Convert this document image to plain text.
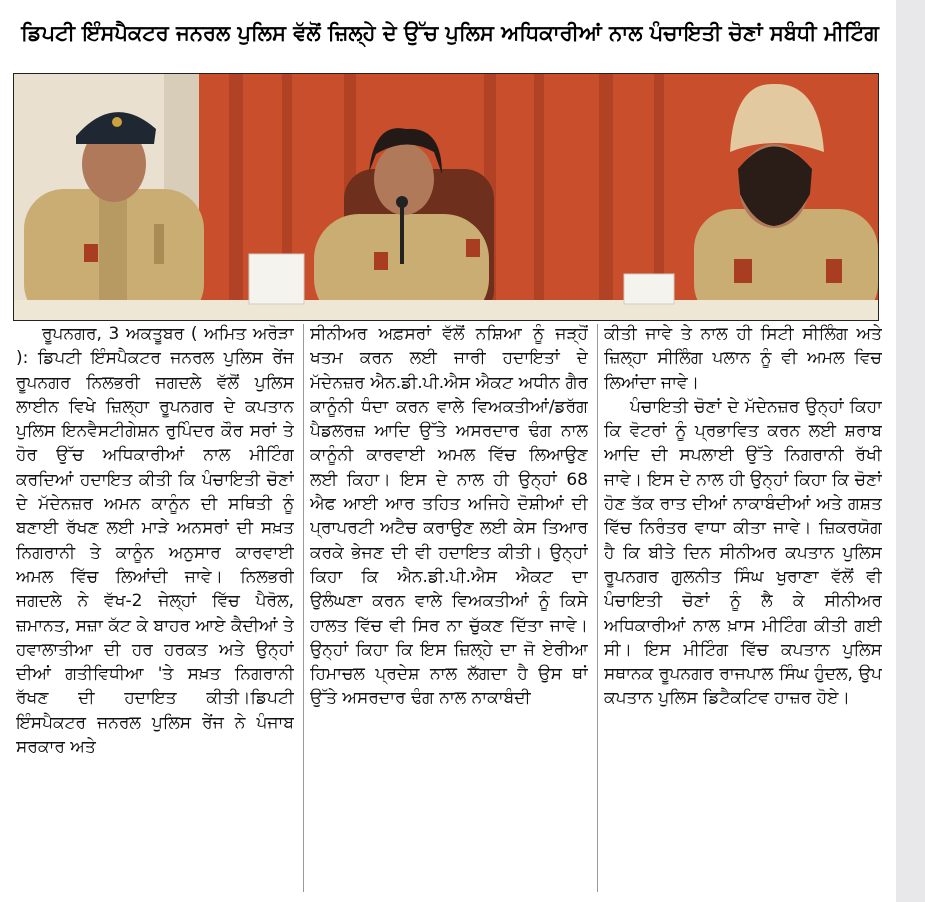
ਡਿਪਟੀ ਇੰਸਪੈਕਟਰ ਜਨਰਲ ਪੁਲਿਸ ਵੱਲੋਂ ਜ਼ਿਲ੍ਹੇ ਦੇ ਉੱਚ ਪੁਲਿਸ ਅਧਿਕਾਰੀਆਂ ਨਾਲ ਪੰਚਾਇਤੀ ਚੋਣਾਂ ਸਬੰਧੀ ਮੀਟਿੰਗ

ਰੂਪਨਗਰ, 3 ਅਕਤੂਬਰ ( ਅਮਿਤ ਅਰੋੜਾ ): ਡਿਪਟੀ ਇੰਸਪੈਕਟਰ ਜਨਰਲ ਪੁਲਿਸ ਰੇਂਜ ਰੂਪਨਗਰ ਨਿਲਭਰੀ ਜਗਦਲੇ ਵੱਲੋਂ ਪੁਲਿਸ ਲਾਈਨ ਵਿਖੇ ਜ਼ਿਲ੍ਹਾ ਰੂਪਨਗਰ ਦੇ ਕਪਤਾਨ ਪੁਲਿਸ ਇਨਵੈਸਟੀਗੇਸ਼ਨ ਰੁਪਿੰਦਰ ਕੌਰ ਸਰਾਂ ਤੇ ਹੋਰ ਉੱਚ ਅਧਿਕਾਰੀਆਂ ਨਾਲ ਮੀਟਿੰਗ ਕਰਦਿਆਂ ਹਦਾਇਤ ਕੀਤੀ ਕਿ ਪੰਚਾਇਤੀ ਚੋਣਾਂ ਦੇ ਮੱਦੇਨਜ਼ਰ ਅਮਨ ਕਾਨੂੰਨ ਦੀ ਸਥਿਤੀ ਨੂੰ ਬਣਾਈ ਰੱਖਣ ਲਈ ਮਾੜੇ ਅਨਸਰਾਂ ਦੀ ਸਖ਼ਤ ਨਿਗਰਾਨੀ ਤੇ ਕਾਨੂੰਨ ਅਨੁਸਾਰ ਕਾਰਵਾਈ ਅਮਲ ਵਿੱਚ ਲਿਆਂਦੀ ਜਾਵੇ। ਨਿਲਭਰੀ ਜਗਦਲੇ ਨੇ ਵੱਖ-2 ਜੇਲ੍ਹਾਂ ਵਿੱਚ ਪੈਰੋਲ, ਜ਼ਮਾਨਤ, ਸਜ਼ਾ ਕੱਟ ਕੇ ਬਾਹਰ ਆਏ ਕੈਦੀਆਂ ਤੇ ਹਵਾਲਾਤੀਆ ਦੀ ਹਰ ਹਰਕਤ ਅਤੇ ਉਨ੍ਹਾਂ ਦੀਆਂ ਗਤੀਵਿਧੀਆ 'ਤੇ ਸਖ਼ਤ ਨਿਗਰਾਨੀ ਰੱਖਣ ਦੀ ਹਦਾਇਤ ਕੀਤੀ।ਡਿਪਟੀ ਇੰਸਪੈਕਟਰ ਜਨਰਲ ਪੁਲਿਸ ਰੇਂਜ ਨੇ ਪੰਜਾਬ ਸਰਕਾਰ ਅਤੇ

ਸੀਨੀਅਰ ਅਫ਼ਸਰਾਂ ਵੱਲੋਂ ਨਸ਼ਿਆ ਨੂੰ ਜੜ੍ਹੋਂ ਖਤਮ ਕਰਨ ਲਈ ਜਾਰੀ ਹਦਾਇਤਾਂ ਦੇ ਮੱਦੇਨਜ਼ਰ ਐਨ.ਡੀ.ਪੀ.ਐਸ ਐਕਟ ਅਧੀਨ ਗੈਰ ਕਾਨੂੰਨੀ ਧੰਦਾ ਕਰਨ ਵਾਲੇ ਵਿਅਕਤੀਆਂ/ਡਰੱਗ ਪੈਡਲਰਜ਼ ਆਦਿ ਉੱਤੇ ਅਸਰਦਾਰ ਢੰਗ ਨਾਲ ਕਾਨੂੰਨੀ ਕਾਰਵਾਈ ਅਮਲ ਵਿੱਚ ਲਿਆਉਣ ਲਈ ਕਿਹਾ। ਇਸ ਦੇ ਨਾਲ ਹੀ ਉਨ੍ਹਾਂ 68 ਐਫ ਆਈ ਆਰ ਤਹਿਤ ਅਜਿਹੇ ਦੋਸ਼ੀਆਂ ਦੀ ਪ੍ਰਾਪਰਟੀ ਅਟੈਚ ਕਰਾਉਣ ਲਈ ਕੇਸ ਤਿਆਰ ਕਰਕੇ ਭੇਜਣ ਦੀ ਵੀ ਹਦਾਇਤ ਕੀਤੀ। ਉਨ੍ਹਾਂ ਕਿਹਾ ਕਿ ਐਨ.ਡੀ.ਪੀ.ਐਸ ਐਕਟ ਦਾ ਉਲੰਘਣਾ ਕਰਨ ਵਾਲੇ ਵਿਅਕਤੀਆਂ ਨੂੰ ਕਿਸੇ ਹਾਲਤ ਵਿੱਚ ਵੀ ਸਿਰ ਨਾ ਚੁੱਕਣ ਦਿੱਤਾ ਜਾਵੇ। ਉਨ੍ਹਾਂ ਕਿਹਾ ਕਿ ਇਸ ਜ਼ਿਲ੍ਹੇ ਦਾ ਜੋ ਏਰੀਆ ਹਿਮਾਚਲ ਪ੍ਰਦੇਸ਼ ਨਾਲ ਲੱਗਦਾ ਹੈ ਉਸ ਥਾਂ ਉੱਤੇ ਅਸਰਦਾਰ ਢੰਗ ਨਾਲ ਨਾਕਾਬੰਦੀ

ਕੀਤੀ ਜਾਵੇ ਤੇ ਨਾਲ ਹੀ ਸਿਟੀ ਸੀਲਿੰਗ ਅਤੇ ਜ਼ਿਲ੍ਹਾ ਸੀਲਿੰਗ ਪਲਾਨ ਨੂੰ ਵੀ ਅਮਲ ਵਿਚ ਲਿਆਂਦਾ ਜਾਵੇ।

ਪੰਚਾਇਤੀ ਚੋਣਾਂ ਦੇ ਮੱਦੇਨਜ਼ਰ ਉਨ੍ਹਾਂ ਕਿਹਾ ਕਿ ਵੋਟਰਾਂ ਨੂੰ ਪ੍ਰਭਾਵਿਤ ਕਰਨ ਲਈ ਸ਼ਰਾਬ ਆਦਿ ਦੀ ਸਪਲਾਈ ਉੱਤੇ ਨਿਗਰਾਨੀ ਰੱਖੀ ਜਾਵੇ। ਇਸ ਦੇ ਨਾਲ ਹੀ ਉਨ੍ਹਾਂ ਕਿਹਾ ਕਿ ਚੋਣਾਂ ਹੋਣ ਤੱਕ ਰਾਤ ਦੀਆਂ ਨਾਕਾਬੰਦੀਆਂ ਅਤੇ ਗਸ਼ਤ ਵਿੱਚ ਨਿਰੰਤਰ ਵਾਧਾ ਕੀਤਾ ਜਾਵੇ। ਜ਼ਿਕਰਯੋਗ ਹੈ ਕਿ ਬੀਤੇ ਦਿਨ ਸੀਨੀਅਰ ਕਪਤਾਨ ਪੁਲਿਸ ਰੂਪਨਗਰ ਗੁਲਨੀਤ ਸਿੰਘ ਖੁਰਾਣਾ ਵੱਲੋਂ ਵੀ ਪੰਚਾਇਤੀ ਚੋਣਾਂ ਨੂੰ ਲੈ ਕੇ ਸੀਨੀਅਰ ਅਧਿਕਾਰੀਆਂ ਨਾਲ ਖ਼ਾਸ ਮੀਟਿੰਗ ਕੀਤੀ ਗਈ ਸੀ। ਇਸ ਮੀਟਿੰਗ ਵਿੱਚ ਕਪਤਾਨ ਪੁਲਿਸ ਸਥਾਨਕ ਰੂਪਨਗਰ ਰਾਜਪਾਲ ਸਿੰਘ ਹੁੰਦਲ, ਉਪ ਕਪਤਾਨ ਪੁਲਿਸ ਡਿਟੈਕਟਿਵ ਹਾਜ਼ਰ ਹੋਏ।
